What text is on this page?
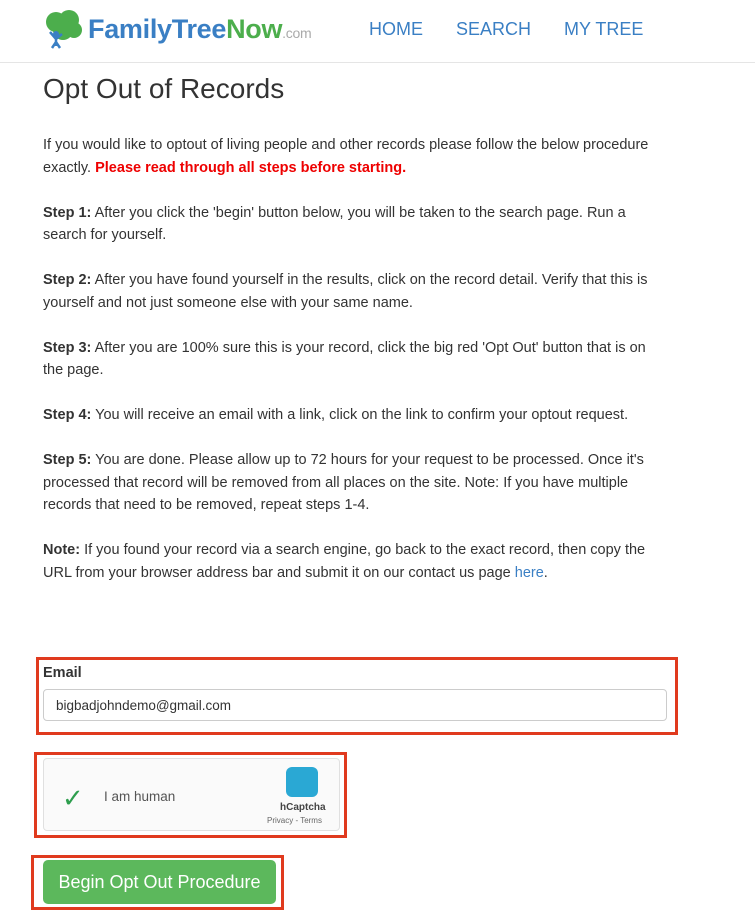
FamilyTreeNow.com	HOME SEARCH MY TREE
Opt Out of Records

If you would like to optout of living people and other records please follow the below procedure exactly. Please read through all steps before starting.

Step 1: After you click the 'begin' button below, you will be taken to the search page. Run a search for yourself.

Step 2: After you have found yourself in the results, click on the record detail. Verify that this is yourself and not just someone else with your same name.

Step 3: After you are 100% sure this is your record, click the big red 'Opt Out' button that is on the page.

Step 4: You will receive an email with a link, click on the link to confirm your optout request.

Step 5: You are done. Please allow up to 72 hours for your request to be processed. Once it's processed that record will be removed from all places on the site. Note: If you have multiple records that need to be removed, repeat steps 1-4.

Note: If you found your record via a search engine, go back to the exact record, then copy the URL from your browser address bar and submit it on our contact us page here.

Email
bigbadjohndemo@gmail.com
✓ I am human
hCaptcha
Privacy - Terms
Begin Opt Out Procedure
